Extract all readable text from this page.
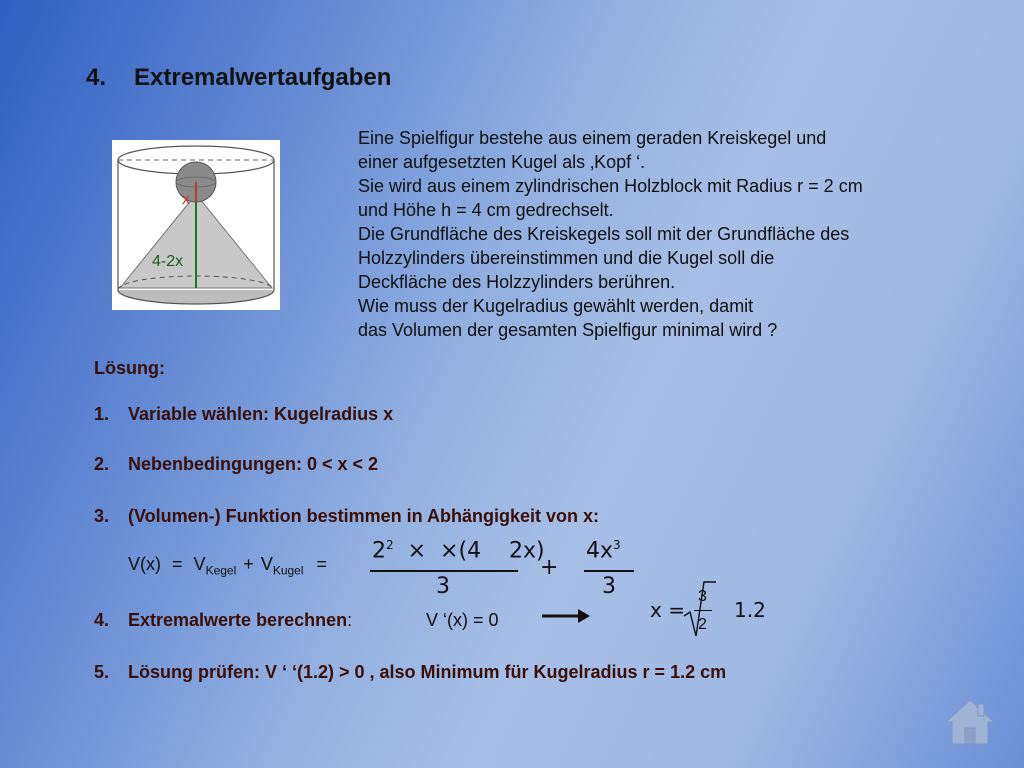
4. Extremalwertaufgaben
x
4-2x
Eine Spielfigur bestehe aus einem geraden Kreiskegel und
einer aufgesetzten Kugel als ‚Kopf ‘.
Sie wird aus einem zylindrischen Holzblock mit Radius r = 2 cm
und Höhe h = 4 cm gedrechselt.
Die Grundfläche des Kreiskegels soll mit der Grundfläche des
Holzzylinders übereinstimmen und die Kugel soll die
Deckfläche des Holzzylinders berühren.
Wie muss der Kugelradius gewählt werden, damit
das Volumen der gesamten Spielfigur minimal wird ?
Lösung:
1. Variable wählen: Kugelradius x
2. Nebenbedingungen: 0 < x < 2
3. (Volumen-) Funktion bestimmen in Abhängigkeit von x:
$V(x) = V_{Kegel} + V_{Kugel}$ =
$2^2 \times \times(4$    2x)
3
+
$4x^3$
3
4. Extremalwerte berechnen:	V ‘(x) = 0	x =
3
2
1.2
5. Lösung prüfen: V ‘ ‘(1.2) > 0 , also Minimum für Kugelradius r = 1.2 cm
